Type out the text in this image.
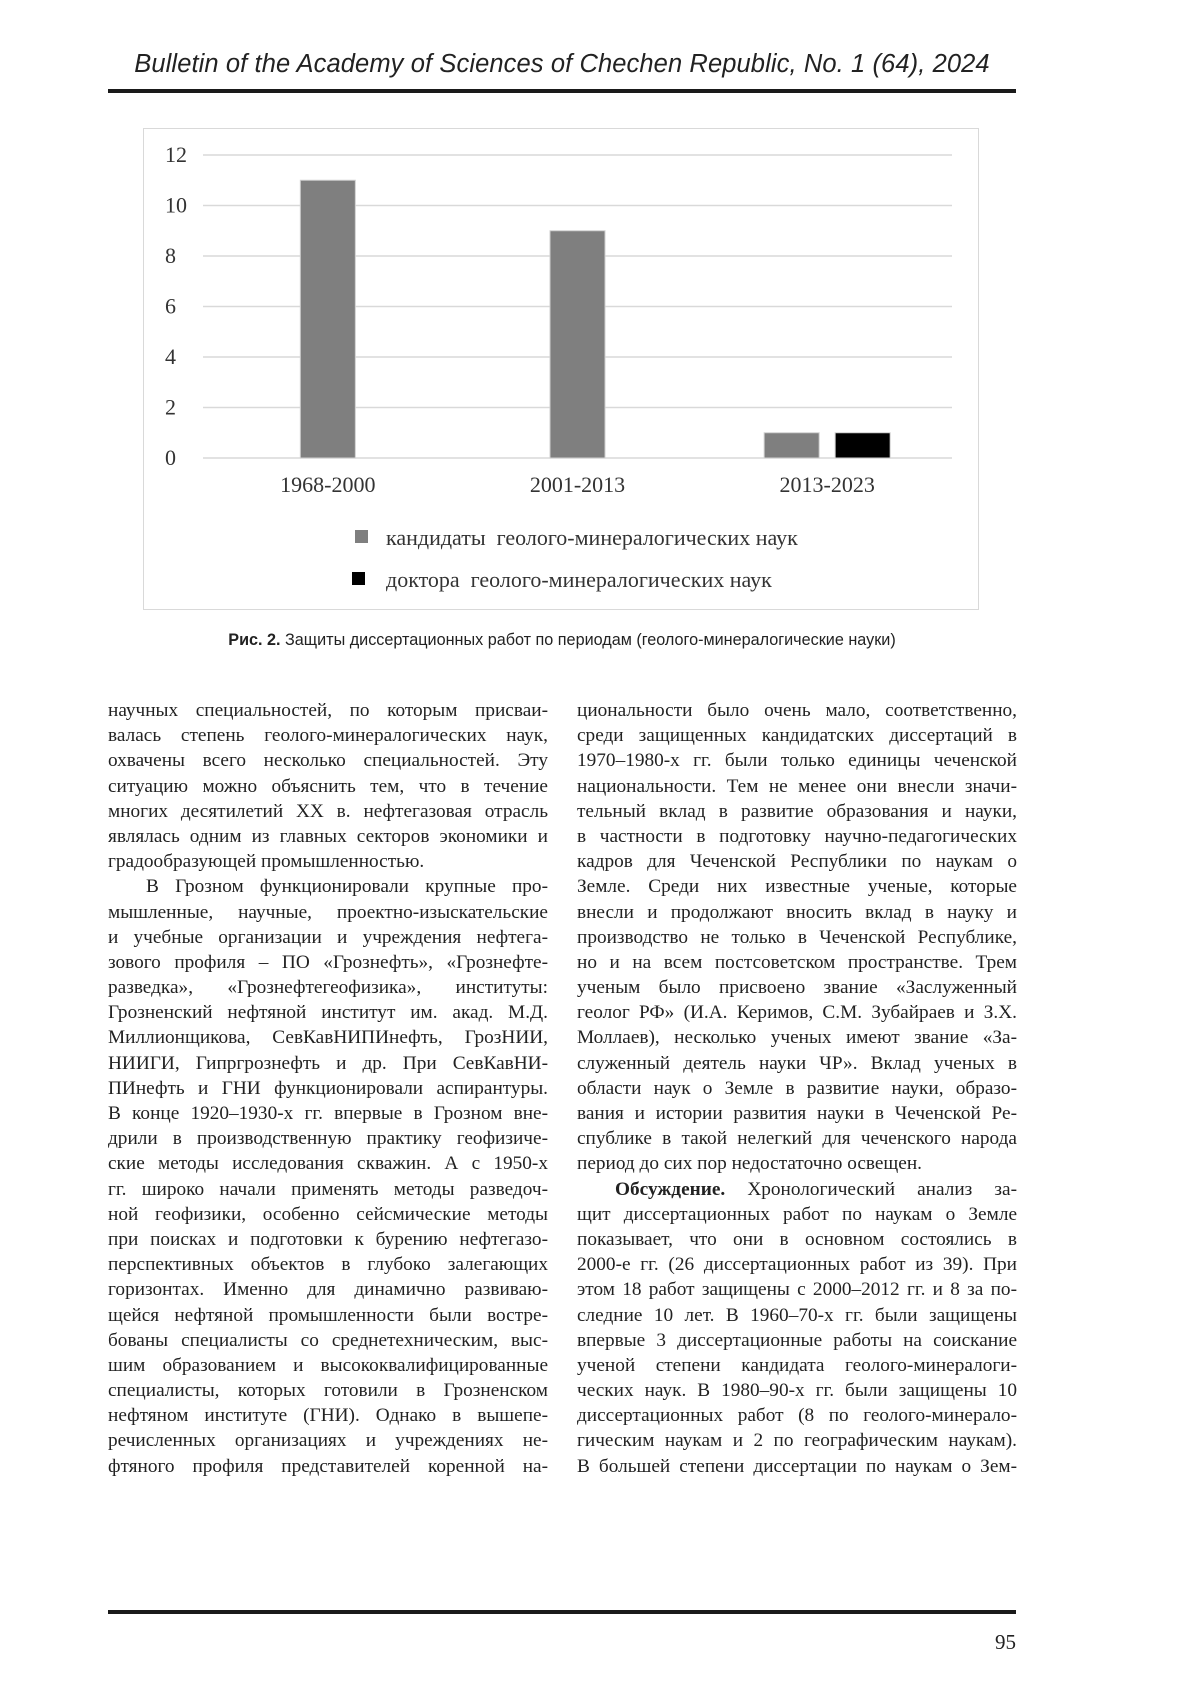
Bulletin of the Academy of Sciences of Chechen Republic, No. 1 (64), 2024
0
2
4
6
8
10
12
1968-2000	2001-2013	2013-2023
кандидаты  геолого-минералогических наук
доктора  геолого-минералогических наук
Рис. 2. Защиты диссертационных работ по периодам (геолого-минералогические науки)
научных специальностей, по которым присваи-
валась степень геолого-минералогических наук,
охвачены всего несколько специальностей. Эту
ситуацию можно объяснить тем, что в течение
многих десятилетий XX в. нефтегазовая отрасль
являлась одним из главных секторов экономики и
градообразующей промышленностью.
В Грозном функционировали крупные про-
мышленные, научные, проектно-изыскательские
и учебные организации и учреждения нефтега-
зового профиля – ПО «Грознефть», «Грознефте-
разведка», «Грознефтегеофизика», институты:
Грозненский нефтяной институт им. акад. М.Д.
Миллионщикова, СевКавНИПИнефть, ГрозНИИ,
НИИГИ, Гипргрознефть и др. При СевКавНИ-
ПИнефть и ГНИ функционировали аспирантуры.
В конце 1920–1930-х гг. впервые в Грозном вне-
дрили в производственную практику геофизиче-
ские методы исследования скважин. А с 1950-х
гг. широко начали применять методы разведоч-
ной геофизики, особенно сейсмические методы
при поисках и подготовки к бурению нефтегазо-
перспективных объектов в глубоко залегающих
горизонтах. Именно для динамично развиваю-
щейся нефтяной промышленности были востре-
бованы специалисты со среднетехническим, выс-
шим образованием и высококвалифицированные
специалисты, которых готовили в Грозненском
нефтяном институте (ГНИ). Однако в вышепе-
речисленных организациях и учреждениях не-
фтяного профиля представителей коренной на-
циональности было очень мало, соответственно,
среди защищенных кандидатских диссертаций в
1970–1980-х гг. были только единицы чеченской
национальности. Тем не менее они внесли значи-
тельный вклад в развитие образования и науки,
в частности в подготовку научно-педагогических
кадров для Чеченской Республики по наукам о
Земле. Среди них известные ученые, которые
внесли и продолжают вносить вклад в науку и
производство не только в Чеченской Республике,
но и на всем постсоветском пространстве. Трем
ученым было присвоено звание «Заслуженный
геолог РФ» (И.А. Керимов, С.М. Зубайраев и З.Х.
Моллаев), несколько ученых имеют звание «За-
служенный деятель науки ЧР». Вклад ученых в
области наук о Земле в развитие науки, образо-
вания и истории развития науки в Чеченской Ре-
спублике в такой нелегкий для чеченского народа
период до сих пор недостаточно освещен.
Обсуждение. Хронологический анализ за-
щит диссертационных работ по наукам о Земле
показывает, что они в основном состоялись в
2000-е гг. (26 диссертационных работ из 39). При
этом 18 работ защищены с 2000–2012 гг. и 8 за по-
следние 10 лет. В 1960–70-х гг. были защищены
впервые 3 диссертационные работы на соискание
ученой степени кандидата геолого-минералоги-
ческих наук. В 1980–90-х гг. были защищены 10
диссертационных работ (8 по геолого-минерало-
гическим наукам и 2 по географическим наукам).
В большей степени диссертации по наукам о Зем-
95
